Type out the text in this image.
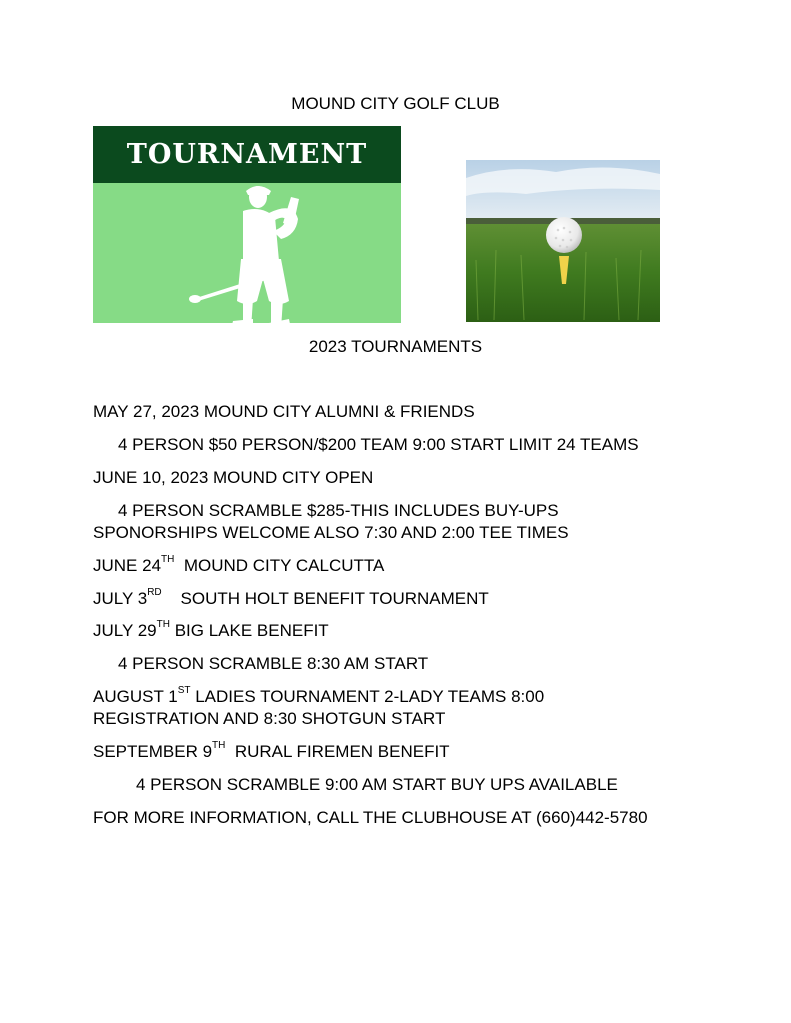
MOUND CITY GOLF CLUB
TOURNAMENT
2023 TOURNAMENTS
MAY 27, 2023 MOUND CITY ALUMNI & FRIENDS
4 PERSON $50 PERSON/$200 TEAM 9:00 START LIMIT 24 TEAMS
JUNE 10, 2023 MOUND CITY OPEN
4 PERSON SCRAMBLE $285-THIS INCLUDES BUY-UPS
SPONORSHIPS WELCOME ALSO 7:30 AND 2:00 TEE TIMES
JUNE 24TH  MOUND CITY CALCUTTA
JULY 3RD    SOUTH HOLT BENEFIT TOURNAMENT
JULY 29TH BIG LAKE BENEFIT
4 PERSON SCRAMBLE 8:30 AM START
AUGUST 1ST LADIES TOURNAMENT 2-LADY TEAMS 8:00
REGISTRATION AND 8:30 SHOTGUN START
SEPTEMBER 9TH  RURAL FIREMEN BENEFIT
4 PERSON SCRAMBLE 9:00 AM START BUY UPS AVAILABLE
FOR MORE INFORMATION, CALL THE CLUBHOUSE AT (660)442-5780
